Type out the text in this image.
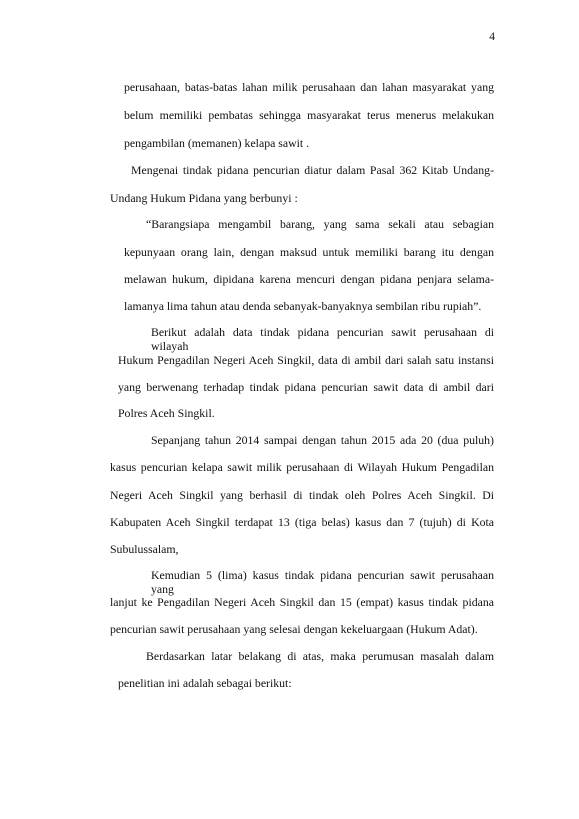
4
perusahaan, batas-batas lahan milik perusahaan dan lahan masyarakat yang
belum memiliki pembatas sehingga masyarakat terus menerus melakukan
pengambilan (memanen) kelapa sawit .
Mengenai tindak pidana pencurian diatur dalam Pasal 362 Kitab Undang-
Undang Hukum Pidana yang berbunyi :
“Barangsiapa mengambil barang, yang sama sekali atau sebagian
kepunyaan orang lain, dengan maksud untuk memiliki barang itu dengan
melawan hukum, dipidana karena mencuri dengan pidana penjara selama-
lamanya lima tahun atau denda sebanyak-banyaknya sembilan ribu rupiah”.
Berikut adalah data tindak pidana pencurian sawit perusahaan di wilayah
Hukum Pengadilan Negeri Aceh Singkil, data di ambil dari salah satu instansi
yang berwenang terhadap tindak pidana pencurian sawit data di ambil dari
Polres Aceh Singkil.
Sepanjang tahun 2014 sampai dengan tahun 2015 ada 20 (dua puluh)
kasus pencurian kelapa sawit milik perusahaan di Wilayah Hukum Pengadilan
Negeri Aceh Singkil yang berhasil di tindak oleh Polres Aceh Singkil. Di
Kabupaten Aceh Singkil terdapat 13 (tiga belas) kasus dan 7 (tujuh) di Kota
Subulussalam,
Kemudian 5 (lima) kasus tindak pidana pencurian sawit perusahaan yang
lanjut ke Pengadilan Negeri Aceh Singkil dan 15 (empat) kasus tindak pidana
pencurian sawit perusahaan yang selesai dengan kekeluargaan (Hukum Adat).
Berdasarkan latar belakang di atas, maka perumusan masalah dalam
penelitian ini adalah sebagai berikut:
